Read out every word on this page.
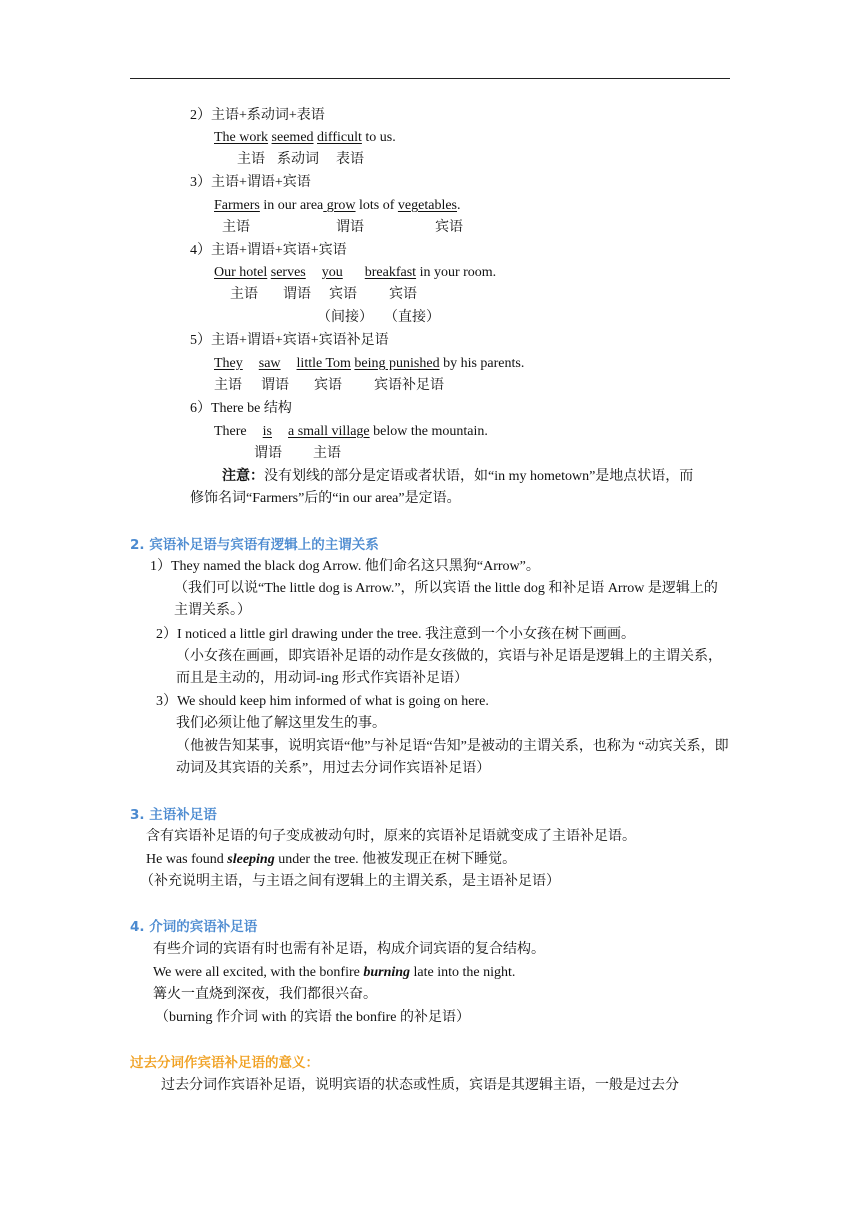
2）主语+系动词+表语
The work seemed difficult to us.
主语 系动词 表语
3）主语+谓语+宾语
Farmers in our area grow lots of vegetables.
主语	谓语	宾语
4）主语+谓语+宾语+宾语
Our hotel serves you breakfast in your room.
主语 谓语 宾语 宾语
（间接） （直接）
5）主语+谓语+宾语+宾语补足语
They saw little Tom being punished by his parents.
主语 谓语 宾语 宾语补足语
6）There be 结构
There is a small village below the mountain.
谓语 主语
注意：没有划线的部分是定语或者状语，如“in my hometown”是地点状语，而
修饰名词“Farmers”后的“in our area”是定语。
2. 宾语补足语与宾语有逻辑上的主谓关系
1）They named the black dog Arrow. 他们命名这只黑狗“Arrow”。
（我们可以说“The little dog is Arrow.”，所以宾语 the little dog 和补足语 Arrow 是逻辑上的主谓关系。）
2）I noticed a little girl drawing under the tree. 我注意到一个小女孩在树下画画。
（小女孩在画画，即宾语补足语的动作是女孩做的，宾语与补足语是逻辑上的主谓关系，而且是主动的，用动词-ing 形式作宾语补足语）
3）We should keep him informed of what is going on here.
我们必须让他了解这里发生的事。
（他被告知某事，说明宾语“他”与补足语“告知”是被动的主谓关系，也称为 “动宾关系，即动词及其宾语的关系”，用过去分词作宾语补足语）
3. 主语补足语
含有宾语补足语的句子变成被动句时，原来的宾语补足语就变成了主语补足语。
He was found sleeping under the tree. 他被发现正在树下睡觉。
（补充说明主语，与主语之间有逻辑上的主谓关系，是主语补足语）
4. 介词的宾语补足语
有些介词的宾语有时也需有补足语，构成介词宾语的复合结构。
We were all excited, with the bonfire burning late into the night.
篝火一直烧到深夜，我们都很兴奋。
（burning 作介词 with 的宾语 the bonfire 的补足语）
过去分词作宾语补足语的意义：
过去分词作宾语补足语，说明宾语的状态或性质，宾语是其逻辑主语，一般是过去分
